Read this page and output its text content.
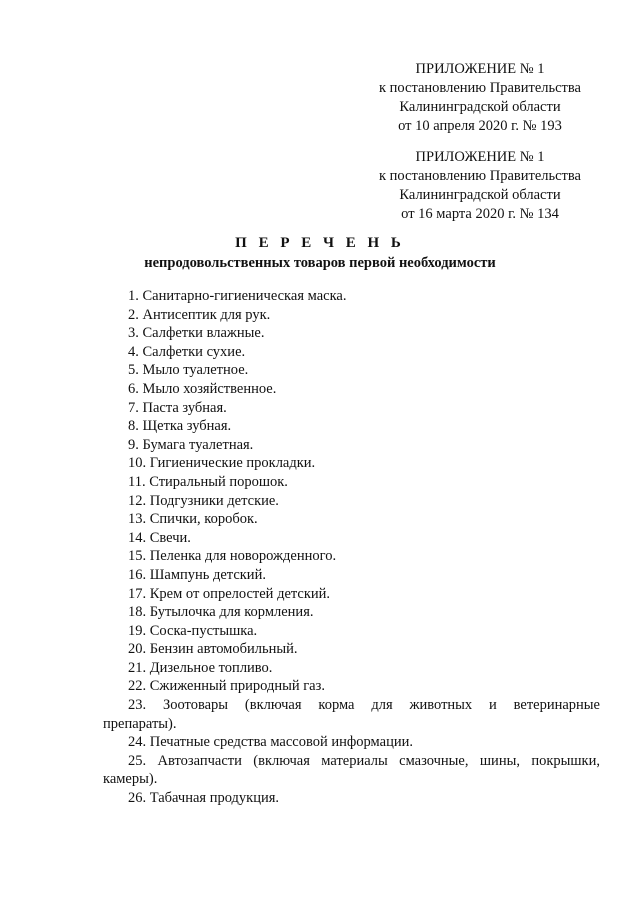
ПРИЛОЖЕНИЕ № 1
к постановлению Правительства
Калининградской области
от 10 апреля 2020 г. № 193
ПРИЛОЖЕНИЕ № 1
к постановлению Правительства
Калининградской области
от 16 марта 2020 г. № 134
П Е Р Е Ч Е Н Ь
непродовольственных товаров первой необходимости
1. Санитарно-гигиеническая маска.
2. Антисептик для рук.
3. Салфетки влажные.
4. Салфетки сухие.
5. Мыло туалетное.
6. Мыло хозяйственное.
7. Паста зубная.
8. Щетка зубная.
9. Бумага туалетная.
10. Гигиенические прокладки.
11. Стиральный порошок.
12. Подгузники детские.
13. Спички, коробок.
14. Свечи.
15. Пеленка для новорожденного.
16. Шампунь детский.
17. Крем от опрелостей детский.
18. Бутылочка для кормления.
19. Соска-пустышка.
20. Бензин автомобильный.
21. Дизельное топливо.
22. Сжиженный природный газ.
23. Зоотовары (включая корма для животных и ветеринарные препараты).
24. Печатные средства массовой информации.
25. Автозапчасти (включая материалы смазочные, шины, покрышки, камеры).
26. Табачная продукция.
